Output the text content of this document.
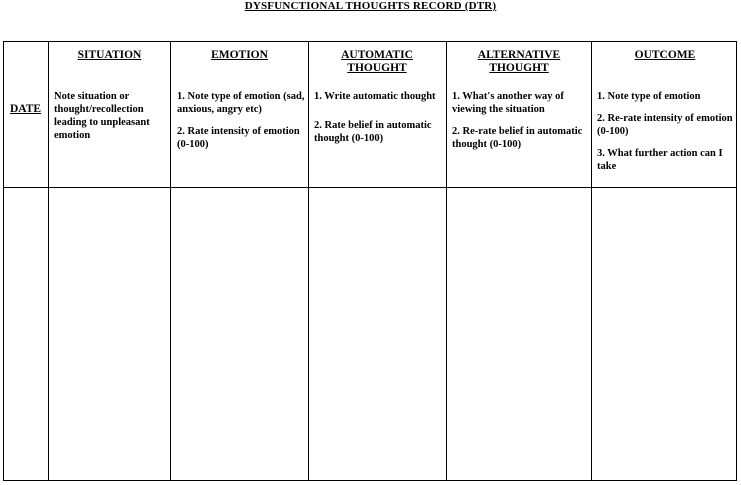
DYSFUNCTIONAL THOUGHTS RECORD (DTR)
DATE
SITUATION

Note situation or thought/recollection leading to unpleasant emotion

EMOTION

1. Note type of emotion (sad, anxious, angry etc)

2. Rate intensity of emotion (0-100)

AUTOMATIC THOUGHT

1. Write automatic thought

2. Rate belief in automatic thought (0-100)

ALTERNATIVE THOUGHT

1. What's another way of viewing the situation

2. Re-rate belief in automatic thought (0-100)

OUTCOME

1. Note type of emotion

2. Re-rate intensity of emotion (0-100)

3. What further action can I take
